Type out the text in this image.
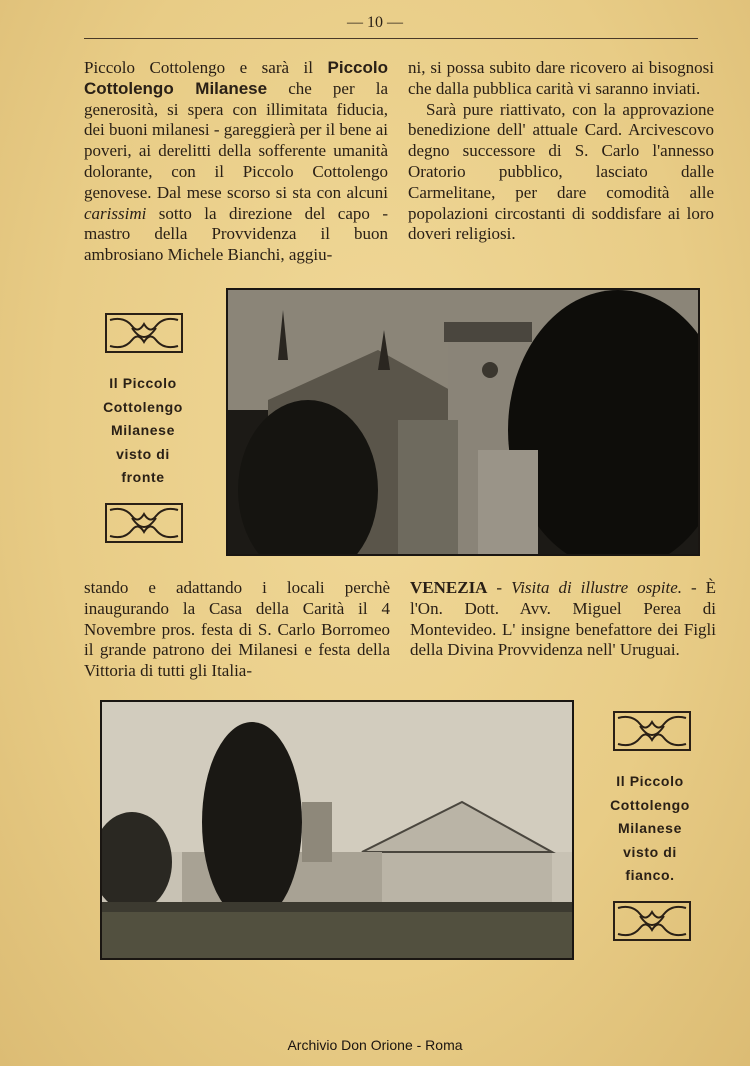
— 10 —

Piccolo Cottolengo e sarà il Piccolo Cottolengo Milanese che per la generosità, si spera con illimitata fiducia, dei buoni milanesi - gareggierà per il bene ai poveri, ai derelitti della sofferente umanità dolorante, con il Piccolo Cottolengo genovese. Dal mese scorso si sta con alcuni carissimi sotto la direzione del capo - mastro della Provvidenza il buon ambrosiano Michele Bianchi, aggiu-

ni, si possa subito dare ricovero ai bisognosi che dalla pubblica carità vi saranno inviati.

Sarà pure riattivato, con la approvazione benedizione dell' attuale Card. Arcivescovo degno successore di S. Carlo l'annesso Oratorio pubblico, lasciato dalle Carmelitane, per dare comodità alle popolazioni circostanti di soddisfare ai loro doveri religiosi.

Il Piccolo
Cottolengo
Milanese
visto di
fronte
stando e adattando i locali perchè inaugurando la Casa della Carità il 4 Novembre pros. festa di S. Carlo Borromeo il grande patrono dei Milanesi e festa della Vittoria di tutti gli Italia-
VENEZIA - Visita di illustre ospite. - È l'On. Dott. Avv. Miguel Perea di Montevideo. L' insigne benefattore dei Figli della Divina Provvidenza nell' Uruguai.
Il Piccolo
Cottolengo
Milanese
visto di
fianco.
Archivio Don Orione - Roma
